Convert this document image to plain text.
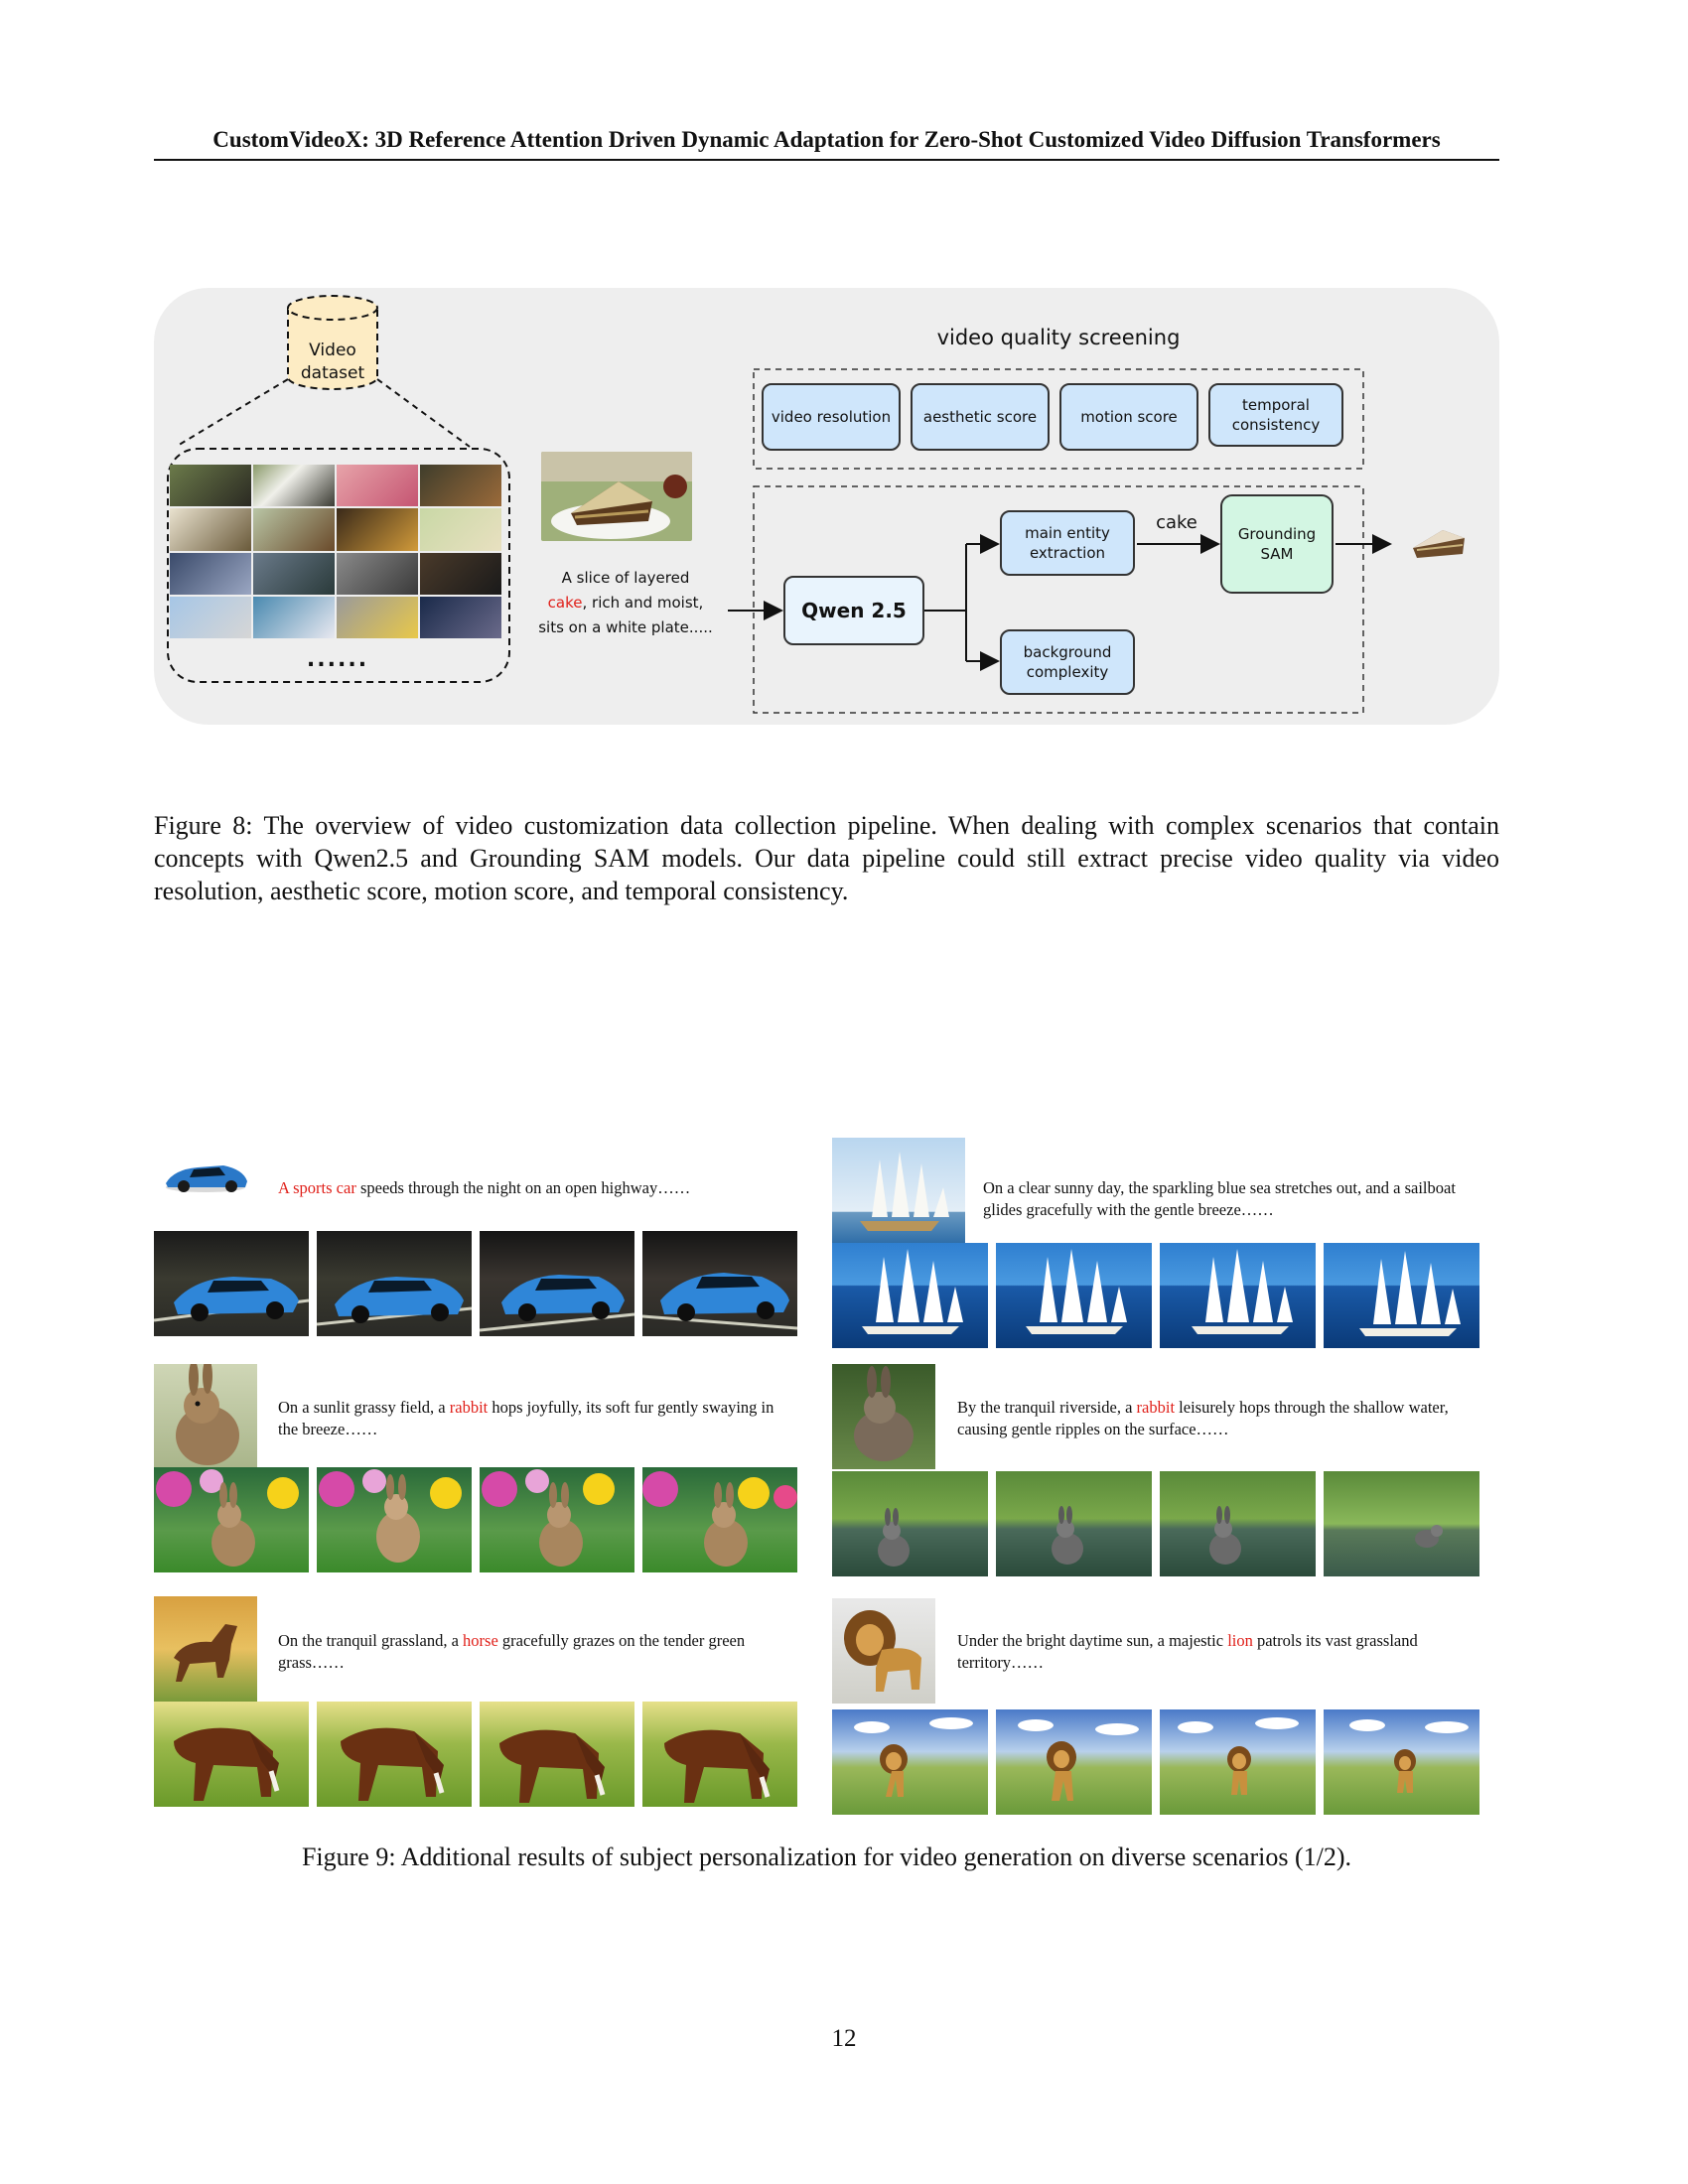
CustomVideoX: 3D Reference Attention Driven Dynamic Adaptation for Zero-Shot Customized Video Diffusion Transformers
Video
dataset
......
A slice of layered
cake, rich and moist,
sits on a white plate.....
video quality screening
video resolution	aesthetic score	motion score
temporal consistency
Qwen 2.5
main entity extraction
background complexity
cake
Grounding SAM
Figure 8: The overview of video customization data collection pipeline. When dealing with complex scenarios that contain concepts with Qwen2.5 and Grounding SAM models. Our data pipeline could still extract precise video quality via video resolution, aesthetic score, motion score, and temporal consistency.
A sports car speeds through the night on an open highway……	On a clear sunny day, the sparkling blue sea stretches out, and a sailboat glides gracefully with the gentle breeze……
On a sunlit grassy field, a rabbit hops joyfully, its soft fur gently swaying in the breeze……
By the tranquil riverside, a rabbit leisurely hops through the shallow water, causing gentle ripples on the surface……
On the tranquil grassland, a horse gracefully grazes on the tender green grass……
Under the bright daytime sun, a majestic lion patrols its vast grassland territory……
Figure 9: Additional results of subject personalization for video generation on diverse scenarios (1/2).
12
